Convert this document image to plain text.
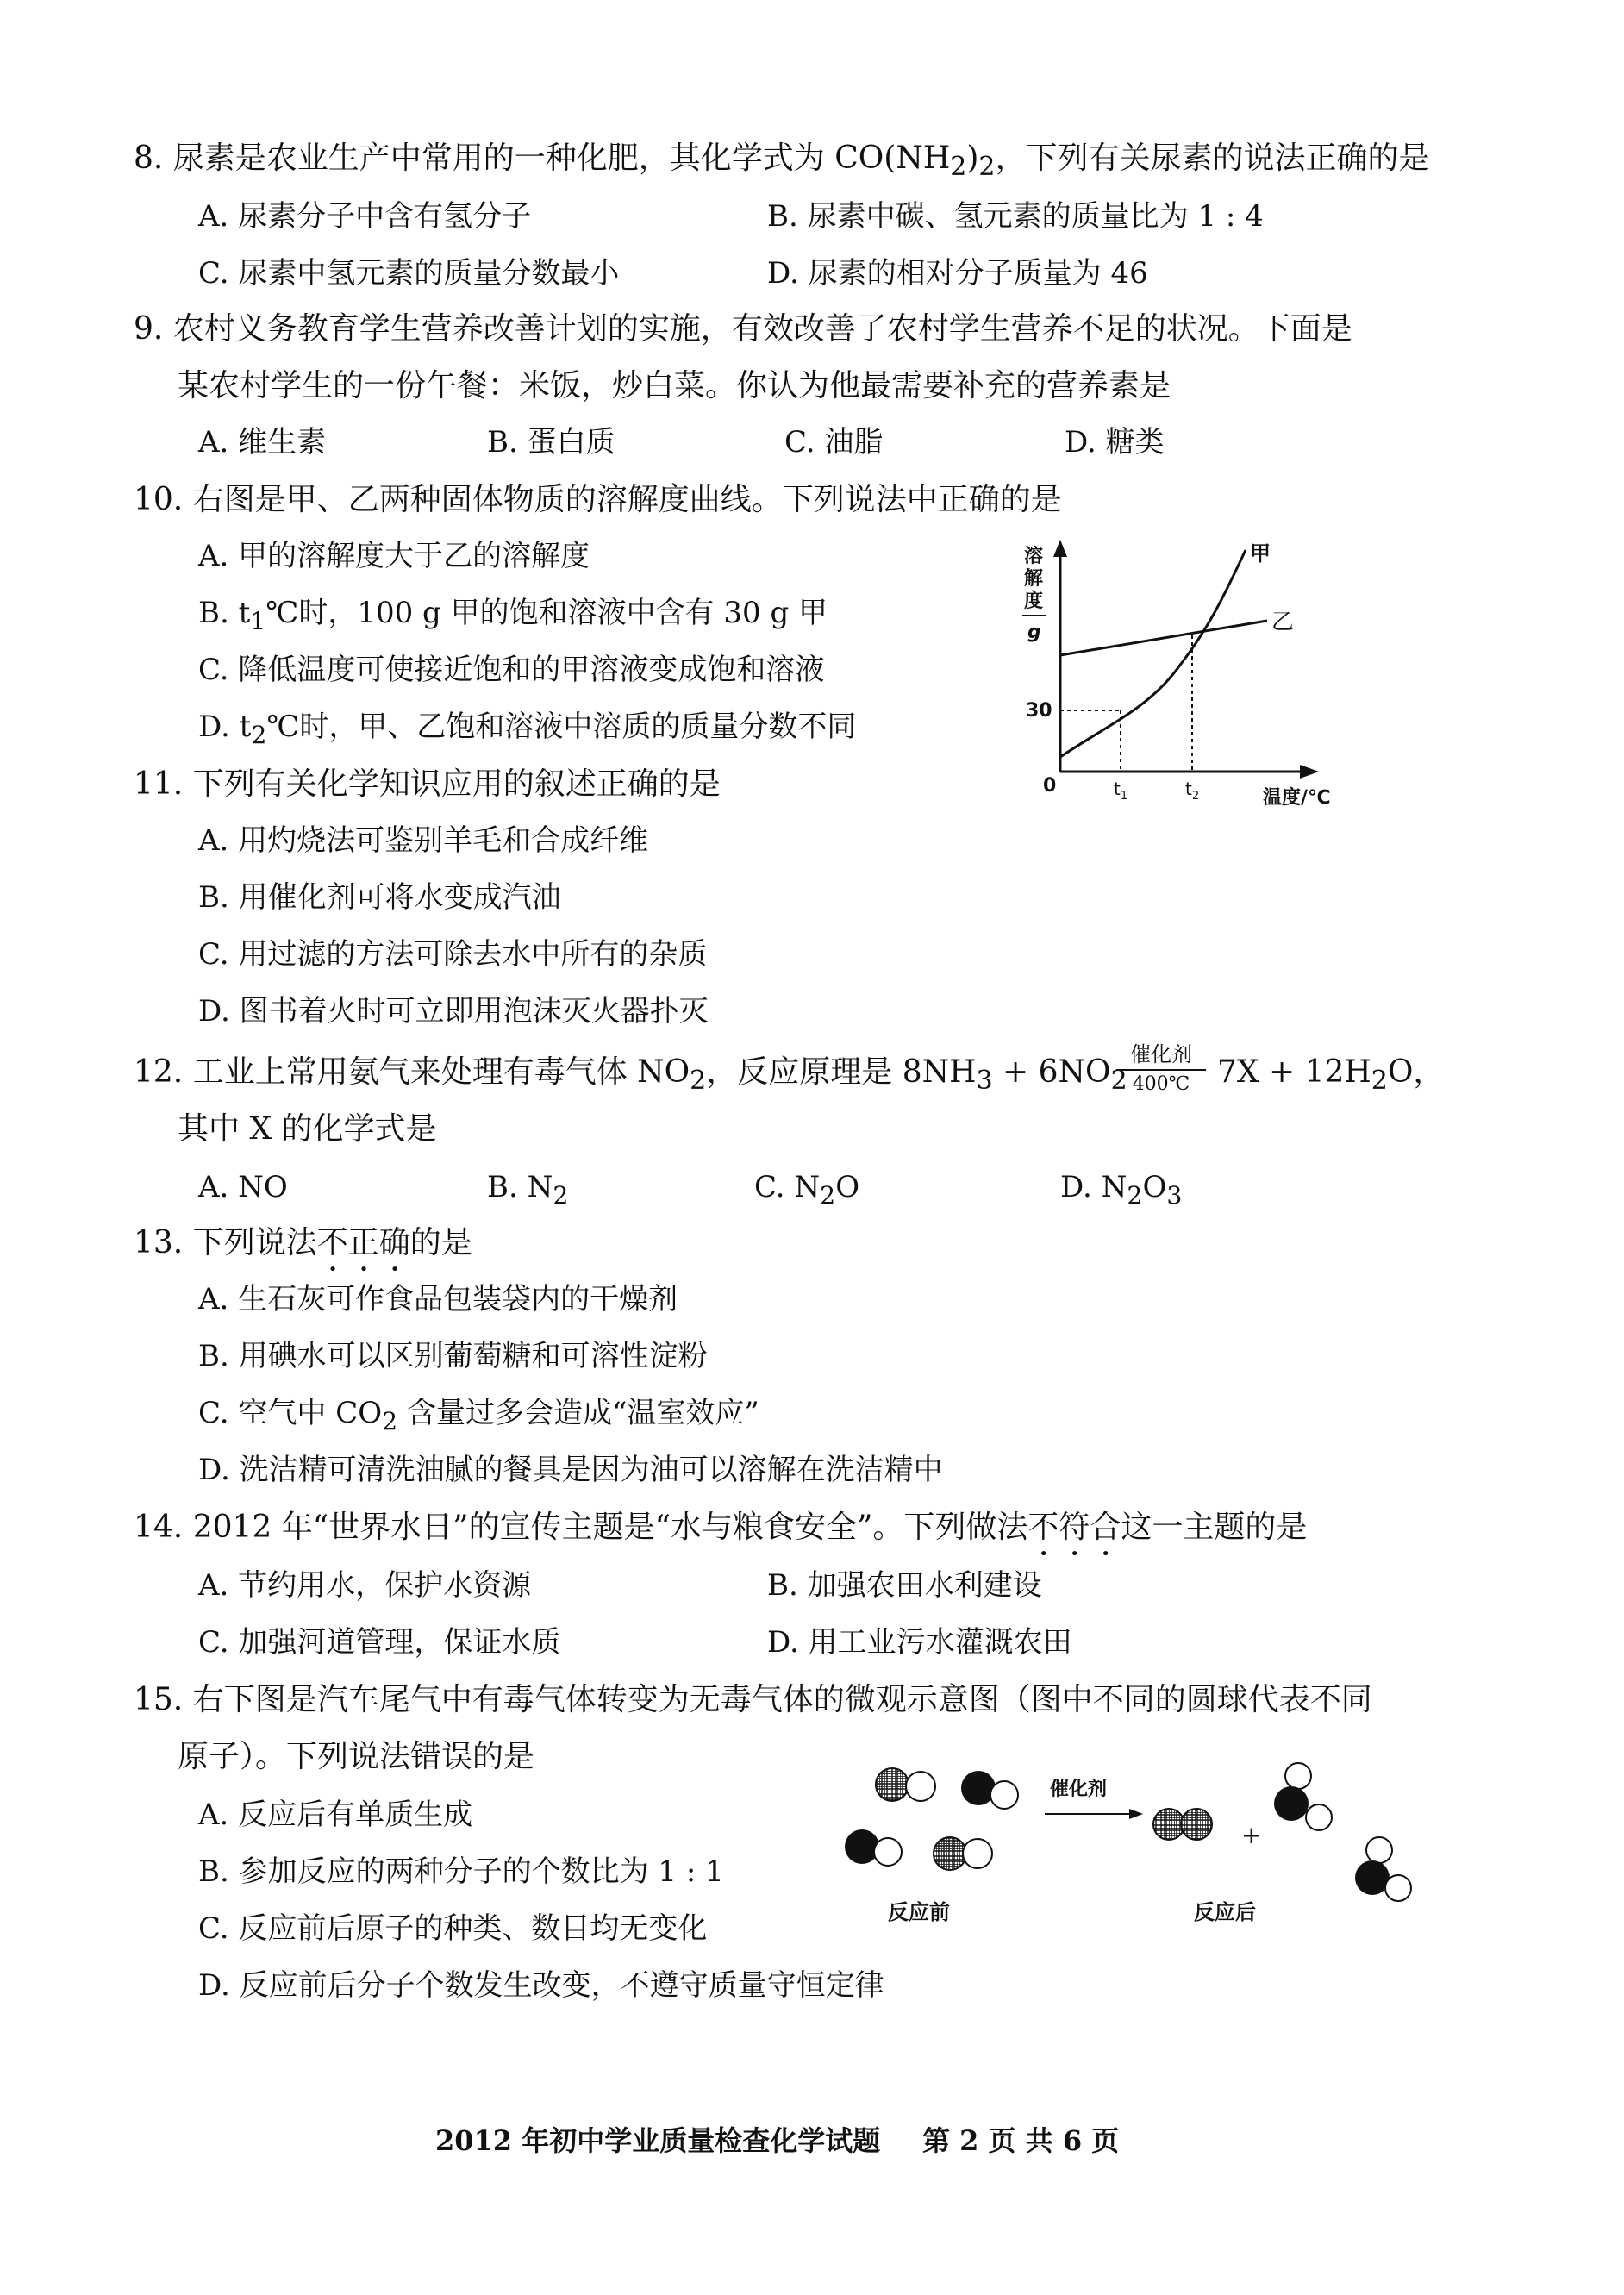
8. 尿素是农业生产中常用的一种化肥，其化学式为 $CO(NH_2)_2$，下列有关尿素的说法正确的是
A. 尿素分子中含有氢分子	B. 尿素中碳、氢元素的质量比为 1 : 4
C. 尿素中氢元素的质量分数最小	D. 尿素的相对分子质量为 46
9. 农村义务教育学生营养改善计划的实施，有效改善了农村学生营养不足的状况。下面是
某农村学生的一份午餐：米饭，炒白菜。你认为他最需要补充的营养素是
A. 维生素	B. 蛋白质	C. 油脂	D. 糖类
10. 右图是甲、乙两种固体物质的溶解度曲线。下列说法中正确的是
A. 甲的溶解度大于乙的溶解度
B. $t_1℃$时，100 g 甲的饱和溶液中含有 30 g 甲
C. 降低温度可使接近饱和的甲溶液变成饱和溶液
D. $t_2℃$时，甲、乙饱和溶液中溶质的质量分数不同
溶
解
度
g
30
0
甲
乙
$t_1$	$t_2$	温度/℃
11. 下列有关化学知识应用的叙述正确的是
A. 用灼烧法可鉴别羊毛和合成纤维
B. 用催化剂可将水变成汽油
C. 用过滤的方法可除去水中所有的杂质
D. 图书着火时可立即用泡沫灭火器扑灭
12. 工业上常用氨气来处理有毒气体 $NO_2$，反应原理是 $8NH_3 + 6NO_2$
催化剂
400℃ $7X + 12H_2O$，
其中 X 的化学式是
A. NO	B. $N_2$	C. $N_2O$	D. $N_2O_3$
13. 下列说法不正确的是
A. 生石灰可作食品包装袋内的干燥剂
B. 用碘水可以区别葡萄糖和可溶性淀粉
C. 空气中 $CO_2$ 含量过多会造成“温室效应”
D. 洗洁精可清洗油腻的餐具是因为油可以溶解在洗洁精中
14. 2012 年“世界水日”的宣传主题是“水与粮食安全”。下列做法不符合这一主题的是
A. 节约用水，保护水资源	B. 加强农田水利建设
C. 加强河道管理，保证水质	D. 用工业污水灌溉农田
15. 右下图是汽车尾气中有毒气体转变为无毒气体的微观示意图（图中不同的圆球代表不同
原子）。下列说法错误的是
A. 反应后有单质生成
B. 参加反应的两种分子的个数比为 1 : 1
C. 反应前后原子的种类、数目均无变化
D. 反应前后分子个数发生改变，不遵守质量守恒定律
催化剂
+
反应前	反应后
2012 年初中学业质量检查化学试题 第 2 页 共 6 页
